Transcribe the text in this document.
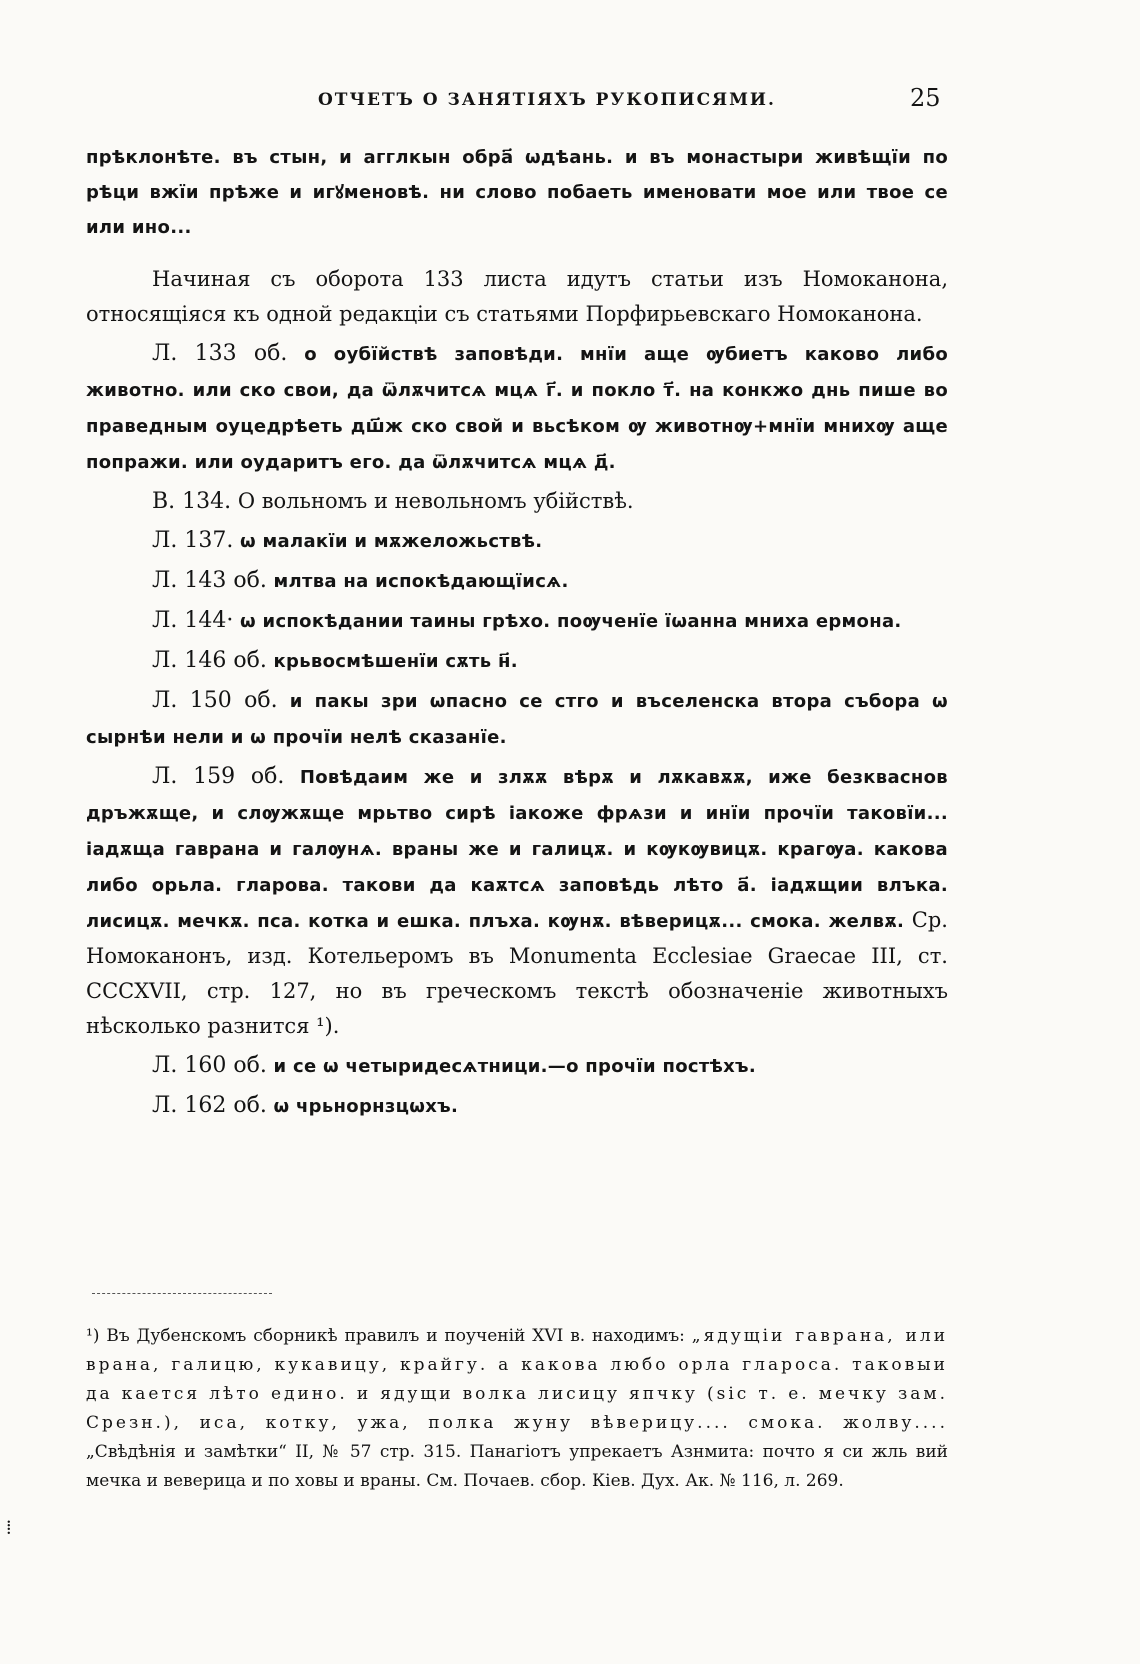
ОТЧЕТЪ О ЗАНЯТІЯХЪ РУКОПИСЯМИ.	25

прѣклонѣте. въ стын, и агглкын обра҃ ѡдѣань. и въ монастыри живѣщїи по рѣци вжїи прѣже и игꙋменовѣ. ни слово побаеть именовати мое или твое се или ино...

Начиная съ оборота 133 листа идутъ статьи изъ Номоканона, относящіяся къ одной редакціи съ статьями Порфирьевскаго Номоканона.

Л. 133 об. о оубїйствѣ заповѣди. мнїи аще ѹбиетъ каково либо животно. или ско свои, да ѿлѫчитсѧ мцѧ г҃. и покло т҃. на конкжо днь пише во праведным оуцедрѣеть дш҃ж ско свой и вьсѣком ѹ животнѹ+мнїи мнихѹ аще попражи. или оударитъ его. да ѿлѫчитсѧ мцѧ д҃.

В. 134. О вольномъ и невольномъ убійствѣ.

Л. 137. ѡ малакїи и мѫжеложьствѣ.

Л. 143 об. млтва на испокѣдающїисѧ.

Л. 144· ѡ испокѣдании таины грѣхо. поѹченїе їѡанна мниха ермона.

Л. 146 об. крьвосмѣшенїи сѫть н҃.

Л. 150 об. и пакы зри ѡпасно се стго и въселенска втора събора ѡ сырнѣи нели и ѡ прочїи нелѣ сказанїе.

Л. 159 об. Повѣдаим же и злѫѫ вѣрѫ и лѫкавѫѫ, иже безкваснов дръжѫще, и слѹжѫще мрьтво сирѣ іакоже фрѧзи и инїи прочїи таковїи... іадѫща гаврана и галѹнѧ. враны же и галицѫ. и кѹкѹвицѫ. крагѹа. какова либо орьла. гларова. такови да каѫтсѧ заповѣдь лѣто а҃. іадѫщии влъка. лисицѫ. мечкѫ. пса. котка и ешка. плъха. кѹнѫ. вѣверицѫ... смока. желвѫ. Ср. Номоканонъ, изд. Котельеромъ въ Monumenta Ecclesiae Graecae III, ст. CCCXVII, стр. 127, но въ греческомъ текстѣ обозначеніе животныхъ нѣсколько разнится ¹).

Л. 160 об. и се ѡ четыридесѧтници.—о прочїи постѣхъ.

Л. 162 об. ѡ чрьнорнзцѡхъ.

¹) Въ Дубенскомъ сборникѣ правилъ и поученій XVI в. находимъ: „ядущіи гаврана, или врана, галицю, кукавицу, крайгу. а какова любо орла глароса. таковыи да кается лѣто едино. и ядущи волка лисицу япчку (sic т. е. мечку зам. Срезн.), иса, котку, ужа, полка жуну вѣверицу.... смока. жолву.... „Свѣдѣнія и замѣтки“ II, № 57 стр. 315. Панагіотъ упрекаетъ Азнмита: почто я си жль вий мечка и веверица и по ховы и враны. См. Почаев. сбор. Кіев. Дух. Ак. № 116, л. 269.
⁞
